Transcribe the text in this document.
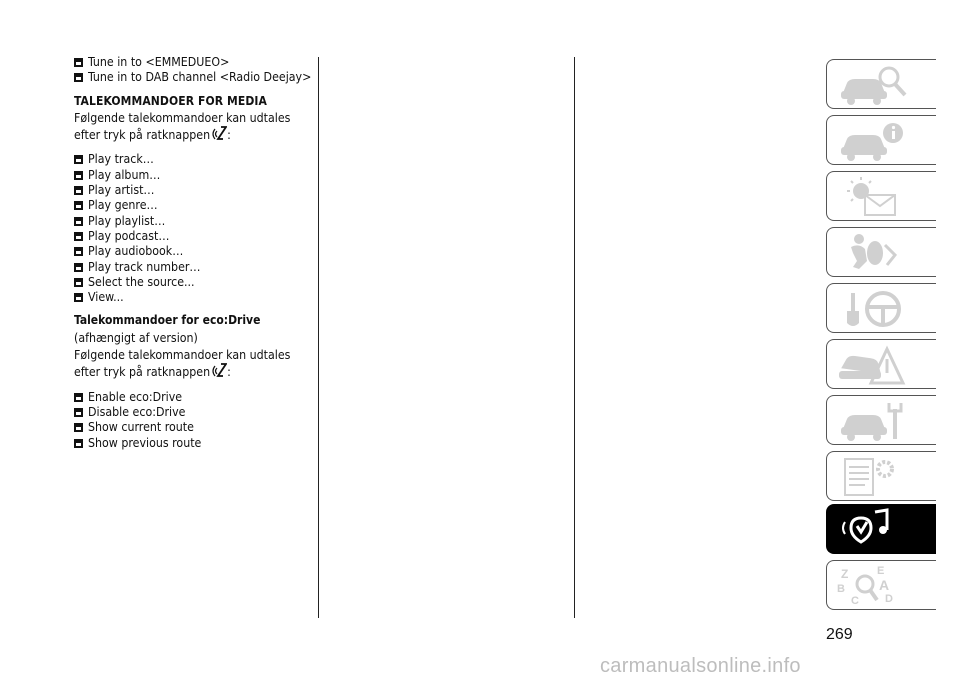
Tune in to <EMMEDUEO>
Tune in to DAB channel <Radio Deejay>
TALEKOMMANDOER FOR MEDIA
Følgende talekommandoer kan udtales efter tryk på ratknappen :
Play track…
Play album…
Play artist…
Play genre…
Play playlist…
Play podcast…
Play audiobook…
Play track number…
Select the source...
View...
Talekommandoer for eco:Drive
(afhængigt af version)
Følgende talekommandoer kan udtales efter tryk på ratknappen :
Enable eco:Drive
Disable eco:Drive
Show current route
Show previous route
Z
B
E
A
D
C
269
carmanualsonline.info
